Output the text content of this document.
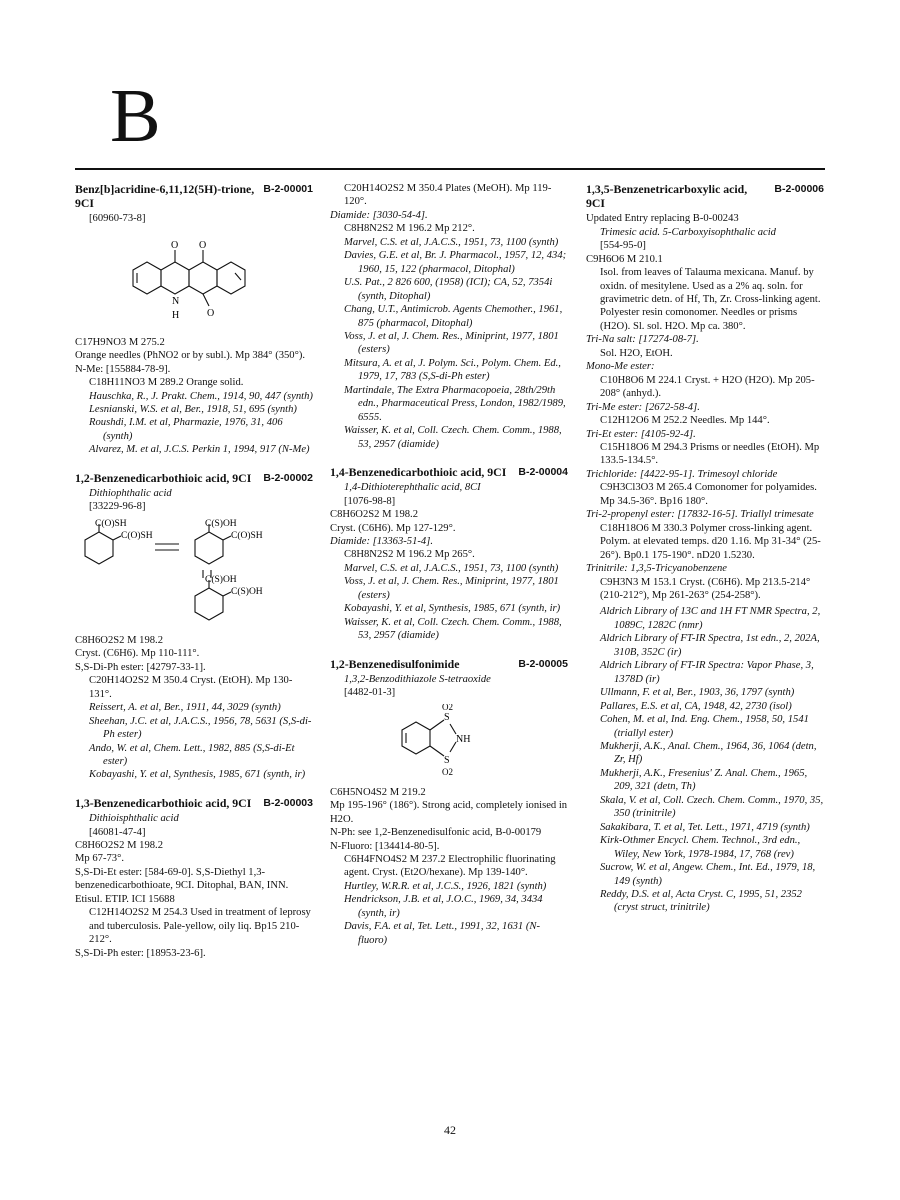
B
Benz[b]acridine-6,11,12(5H)-trione, 9CI
B-2-00001

[60960-73-8]

O O
N
H	O

C17H9NO3 M 275.2

Orange needles (PhNO2 or by subl.). Mp 384° (350°).

N-Me: [155884-78-9].

C18H11NO3 M 289.2 Orange solid.

Hauschka, R., J. Prakt. Chem., 1914, 90, 447 (synth)

Lesnianski, W.S. et al, Ber., 1918, 51, 695 (synth)

Roushdi, I.M. et al, Pharmazie, 1976, 31, 406 (synth)

Alvarez, M. et al, J.C.S. Perkin 1, 1994, 917 (N-Me)

1,2-Benzenedicarbothioic acid, 9CI B-2-00002

Dithiophthalic acid

[33229-96-8]

C(O)SH
C(O)SH
C(S)OH
C(O)SH
C(S)OH
C(S)OH

C8H6O2S2 M 198.2

Cryst. (C6H6). Mp 110-111°.

S,S-Di-Ph ester: [42797-33-1].

C20H14O2S2 M 350.4 Cryst. (EtOH). Mp 130-131°.

Reissert, A. et al, Ber., 1911, 44, 3029 (synth)

Sheehan, J.C. et al, J.A.C.S., 1956, 78, 5631 (S,S-di-Ph ester)

Ando, W. et al, Chem. Lett., 1982, 885 (S,S-di-Et ester)

Kobayashi, Y. et al, Synthesis, 1985, 671 (synth, ir)

1,3-Benzenedicarbothioic acid, 9CI B-2-00003

Dithioisphthalic acid

[46081-47-4]

C8H6O2S2 M 198.2

Mp 67-73°.

S,S-Di-Et ester: [584-69-0]. S,S-Diethyl 1,3-benzenedicarbothioate, 9CI. Ditophal, BAN, INN. Etisul. ETIP. ICI 15688

C12H14O2S2 M 254.3 Used in treatment of leprosy and tuberculosis. Pale-yellow, oily liq. Bp15 210-212°.

S,S-Di-Ph ester: [18953-23-6].

C20H14O2S2 M 350.4 Plates (MeOH). Mp 119-120°.

Diamide: [3030-54-4].

C8H8N2S2 M 196.2 Mp 212°.

Marvel, C.S. et al, J.A.C.S., 1951, 73, 1100 (synth)

Davies, G.E. et al, Br. J. Pharmacol., 1957, 12, 434; 1960, 15, 122 (pharmacol, Ditophal)

U.S. Pat., 2 826 600, (1958) (ICI); CA, 52, 7354i (synth, Ditophal)

Chang, U.T., Antimicrob. Agents Chemother., 1961, 875 (pharmacol, Ditophal)

Voss, J. et al, J. Chem. Res., Miniprint, 1977, 1801 (esters)

Mitsura, A. et al, J. Polym. Sci., Polym. Chem. Ed., 1979, 17, 783 (S,S-di-Ph ester)

Martindale, The Extra Pharmacopoeia, 28th/29th edn., Pharmaceutical Press, London, 1982/1989, 6555.

Waisser, K. et al, Coll. Czech. Chem. Comm., 1988, 53, 2957 (diamide)

1,4-Benzenedicarbothioic acid, 9CI B-2-00004

1,4-Dithioterephthalic acid, 8CI

[1076-98-8]

C8H6O2S2 M 198.2

Cryst. (C6H6). Mp 127-129°.

Diamide: [13363-51-4].

C8H8N2S2 M 196.2 Mp 265°.

Marvel, C.S. et al, J.A.C.S., 1951, 73, 1100 (synth)

Voss, J. et al, J. Chem. Res., Miniprint, 1977, 1801 (esters)

Kobayashi, Y. et al, Synthesis, 1985, 671 (synth, ir)

Waisser, K. et al, Coll. Czech. Chem. Comm., 1988, 53, 2957 (diamide)

1,2-Benzenedisulfonimide	B-2-00005

1,3,2-Benzodithiazole S-tetraoxide

[4482-01-3]

S
O2
NH
S
O2

C6H5NO4S2 M 219.2

Mp 195-196° (186°). Strong acid, completely ionised in H2O.

N-Ph: see 1,2-Benzenedisulfonic acid, B-0-00179

N-Fluoro: [134414-80-5].

C6H4FNO4S2 M 237.2 Electrophilic fluorinating agent. Cryst. (Et2O/hexane). Mp 139-140°.

Hurtley, W.R.R. et al, J.C.S., 1926, 1821 (synth)

Hendrickson, J.B. et al, J.O.C., 1969, 34, 3434 (synth, ir)

Davis, F.A. et al, Tet. Lett., 1991, 32, 1631 (N-fluoro)

1,3,5-Benzenetricarboxylic acid, 9CI
B-2-00006

Updated Entry replacing B-0-00243

Trimesic acid. 5-Carboxyisophthalic acid

[554-95-0]

C9H6O6 M 210.1

Isol. from leaves of Talauma mexicana. Manuf. by oxidn. of mesitylene. Used as a 2% aq. soln. for gravimetric detn. of Hf, Th, Zr. Cross-linking agent. Polyester resin comonomer. Needles or prisms (H2O). Sl. sol. H2O. Mp ca. 380°.

Tri-Na salt: [17274-08-7].

Sol. H2O, EtOH.

Mono-Me ester:

C10H8O6 M 224.1 Cryst. + H2O (H2O). Mp 205-208° (anhyd.).

Tri-Me ester: [2672-58-4].

C12H12O6 M 252.2 Needles. Mp 144°.

Tri-Et ester: [4105-92-4].

C15H18O6 M 294.3 Prisms or needles (EtOH). Mp 133.5-134.5°.

Trichloride: [4422-95-1]. Trimesoyl chloride

C9H3Cl3O3 M 265.4 Comonomer for polyamides. Mp 34.5-36°. Bp16 180°.

Tri-2-propenyl ester: [17832-16-5]. Triallyl trimesate

C18H18O6 M 330.3 Polymer cross-linking agent. Polym. at elevated temps. d20 1.16. Mp 31-34° (25-26°). Bp0.1 175-190°. nD20 1.5230.

Trinitrile: 1,3,5-Tricyanobenzene

C9H3N3 M 153.1 Cryst. (C6H6). Mp 213.5-214° (210-212°), Mp 261-263° (254-258°).

Aldrich Library of 13C and 1H FT NMR Spectra, 2, 1089C, 1282C (nmr)

Aldrich Library of FT-IR Spectra, 1st edn., 2, 202A, 310B, 352C (ir)

Aldrich Library of FT-IR Spectra: Vapor Phase, 3, 1378D (ir)

Ullmann, F. et al, Ber., 1903, 36, 1797 (synth)

Pallares, E.S. et al, CA, 1948, 42, 2730 (isol)

Cohen, M. et al, Ind. Eng. Chem., 1958, 50, 1541 (triallyl ester)

Mukherji, A.K., Anal. Chem., 1964, 36, 1064 (detn, Zr, Hf)

Mukherji, A.K., Fresenius' Z. Anal. Chem., 1965, 209, 321 (detn, Th)

Skala, V. et al, Coll. Czech. Chem. Comm., 1970, 35, 350 (trinitrile)

Sakakibara, T. et al, Tet. Lett., 1971, 4719 (synth)

Kirk-Othmer Encycl. Chem. Technol., 3rd edn., Wiley, New York, 1978-1984, 17, 768 (rev)

Sucrow, W. et al, Angew. Chem., Int. Ed., 1979, 18, 149 (synth)

Reddy, D.S. et al, Acta Cryst. C, 1995, 51, 2352 (cryst struct, trinitrile)

42
